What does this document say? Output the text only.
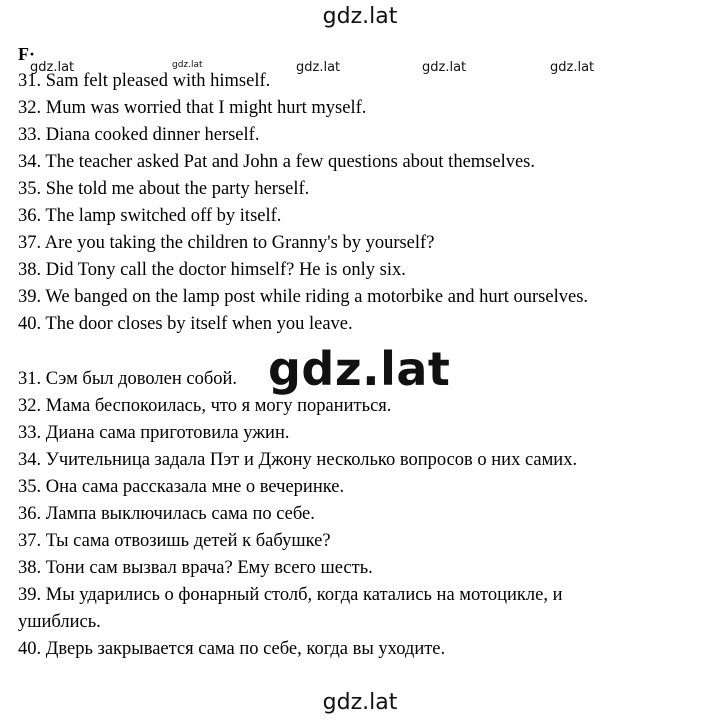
gdz.lat
F·
gdz.lat	gdz.lat	gdz.lat	gdz.lat	gdz.lat
31. Sam felt pleased with himself.
32. Mum was worried that I might hurt myself.
33. Diana cooked dinner herself.
34. The teacher asked Pat and John a few questions about themselves.
35. She told me about the party herself.
36. The lamp switched off by itself.
37. Are you taking the children to Granny's by yourself?
38. Did Tony call the doctor himself? He is only six.
39. We banged on the lamp post while riding a motorbike and hurt ourselves.
40. The door closes by itself when you leave.
gdz.lat
31. Сэм был доволен собой.
32. Мама беспокоилась, что я могу пораниться.
33. Диана сама приготовила ужин.
34. Учительница задала Пэт и Джону несколько вопросов о них самих.
35. Она сама рассказала мне о вечеринке.
36. Лампа выключилась сама по себе.
37. Ты сама отвозишь детей к бабушке?
38. Тони сам вызвал врача? Ему всего шесть.
39. Мы ударились о фонарный столб, когда катались на мотоцикле, и
ушиблись.
40. Дверь закрывается сама по себе, когда вы уходите.
gdz.lat
